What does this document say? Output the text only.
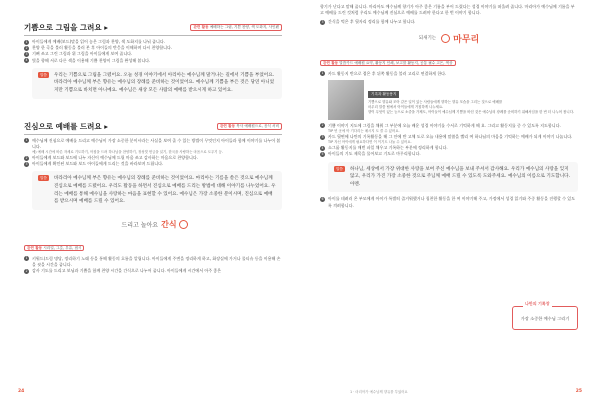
기쁨으로 그림을 그려요 ▸	관련 활동 예배하는 그림, 기쁜 찬양, 색 도화지, 사인펜
1	아이들에게 예배(보드)말을 읽어 놓은 그림과 찬양, 색 도화지를 나눠 줍니다.
2	찬양 한 곡을 불러 활동을 불러 본 후 아이들의 반응을 이해하며 다시 찬양합니다.
3	기뻐 쓰고 그린 그림과 위 그림을 아이들에게 보여 줍니다.
4	빛을 향해 서로 다른 색을 이용해 기쁨 찬양이 그림을 완성해 봅니다.
말씀	우리는 기쁨으로 그림을 그렸어요. 오늘 성경 이야기에서 아리아는 예수님께 말거나는 길에서 기쁨을 부었어요. 바라리아 예수님께 부은 향유는 예수님의 장례를 준비하는 것이었어요. 예수님께 기쁨을 부은 것은 당연 아니었지만 기쁨으로 바치면 아니예요. 예수님은 새상 모든 사람의 예배를 받으시게 하고 있어요.

진심으로 예배를 드려요 ▸	관련 활동 목사 예배원으로, 음식 서비
1	예수님께 진심으로 예배를 드리고 예수님이 가장 소중한 분이시라는 사실을 보여 줄 수 있는 방법이 무엇인지 아이들과 함께 이야기를 나누어 봅니다.
예) 예배 시간에 바른 자세로 기도하기, 아침을 드려 하나님을 찬양하기, 정성껏 헌금을 읽기, 한국을 사랑하는 마음으로 도우기 등.
2	아이들에게 보드와 보드에 나누 자신이 예수님께 드릴 마음 쓰고 감사하는 마음으로 찬양합니다.
3	아이들에게 확인된 보드와 보드 아이들에게 드리는 것을 바라보며 드립니다.
말씀	바라리아 예수님께 부은 향유는 예수님의 장례를 준비하는 것이었어요. 마리아는 기름을 쏟은 것으로 예수님께 진심으로 예배를 드렸어요. 우리도 활동을 하면서 진심으로 예배를 드리는 방법에 대해 이야기를 나누었어요. 우리는 예배를 통해 예수님을 사랑하는 마음을 표현할 수 있어요. 예수님은 가장 소중한 분이시며, 진심으로 예배를 받으시며 예배를 드릴 수 있어요.

드리고 놀아요 간식
관련 활동 시리얼, 그릇, 우유, 접시
1	키워드(드림 명당, 정리하기 노래 등을 통해 활동의 흐름을 알립니다. 아이들에게 주변을 정리하게 하고, 화장실에 가거나 물티슈 등을 이용해 손을 씻을 시간을 줍니다.
2	감사 기도를 드리고 보님과 기쁨을 함께 찬양 시간을 간식으로 나누어 줍니다. 아이들에게 시간에서 아주 좋은
24
향기가 난다고 말해 줍니다. 마리아도 예수님께 향기가 아주 좋은 기름을 부어 드렸다는 성경 이야기를 떠올려 줍니다. 마리아가 예수님께 기름을 부고 예배를 드린 것처럼 우리도 예수님께 진심으로 예배를 드려야 한다고 한 번 이야기 합니다.
3	간식을 먹은 후 뒷자리 정리를 함께 나누고 합니다.
되새기는 마무리
관련 활동 말씀카드 예배원 요약, 활동지 인쇄, 보고를 활동지, 공통 필수 고은, 색상
1	카드 활동지 반으로 접은 후 뒤쪽 활동을 불러 고리로 연결하게 한다.
기록과 활동용지
기쁨으로 향유와 모아 같은 일이 있는 사람들에게 향하는 향유 모습을 그리는 것으로 예배를
마무리 말씀 팁에서 아이들에게 거침하게 나누세요.
향이 무엇이 있는 능으로 소중을 가제도, 아이들이 예수님께 기쁨을 바친 것은 예수님의 장례를 준비하기 위해서임을 한 번 더 나누어 봅니다.
2	기쁨 이야기 지도에 그림을 채워 그 부분에 오늘 배운 성경 이야기를 수서로 기억하게 해 요. 그리고 활동지를 중 수 있도록 지도합니다.
TIP 빈 곳에 아 기다리는 메시지 도 쓸 수 있어요.
3	카드 뒷면에 나만의 기록활동을 해 그 안에 반 고체 도로 오늘 내용에 말씀을 빨리 여 하나님의 마음을 기억하는 예배가 되게 이야기 나눕니다.
TIP 자신 아이에게 필요하다면 이 이기도 나눌 수 있어요.
4	소그룹 활동지를 매번 파일 채우고 기록하는 부분에 정리하게 합니다.
5	아이들의 기도 제목을 물어보고 기도로 마무리합니다.
말씀	하나님, 세상에서 가장 위대한 사랑을 보여 주신 예수님을 보내 주셔서 감사해요. 우리가 예수님의 사랑을 잊지 않고, 우리가 가진 가장 소중한 것으로 주님께 예배 드릴 수 있도록 도와주세요. 예수님의 이름으로 기도합니다. 아멘.

6	아이를 데려러 온 부모에게 아이가 특별히 즐거워했거나 칭찬한 활동을 한 여 이야기해 주고, 가정에서 성경 읽기와 주중 활동을 진행할 수 있도록 격려합니다.
나만의 기록장
가장 소중한 예수님 그리기
1 · 마리아가 예수님께 향유를 부었어요	25
